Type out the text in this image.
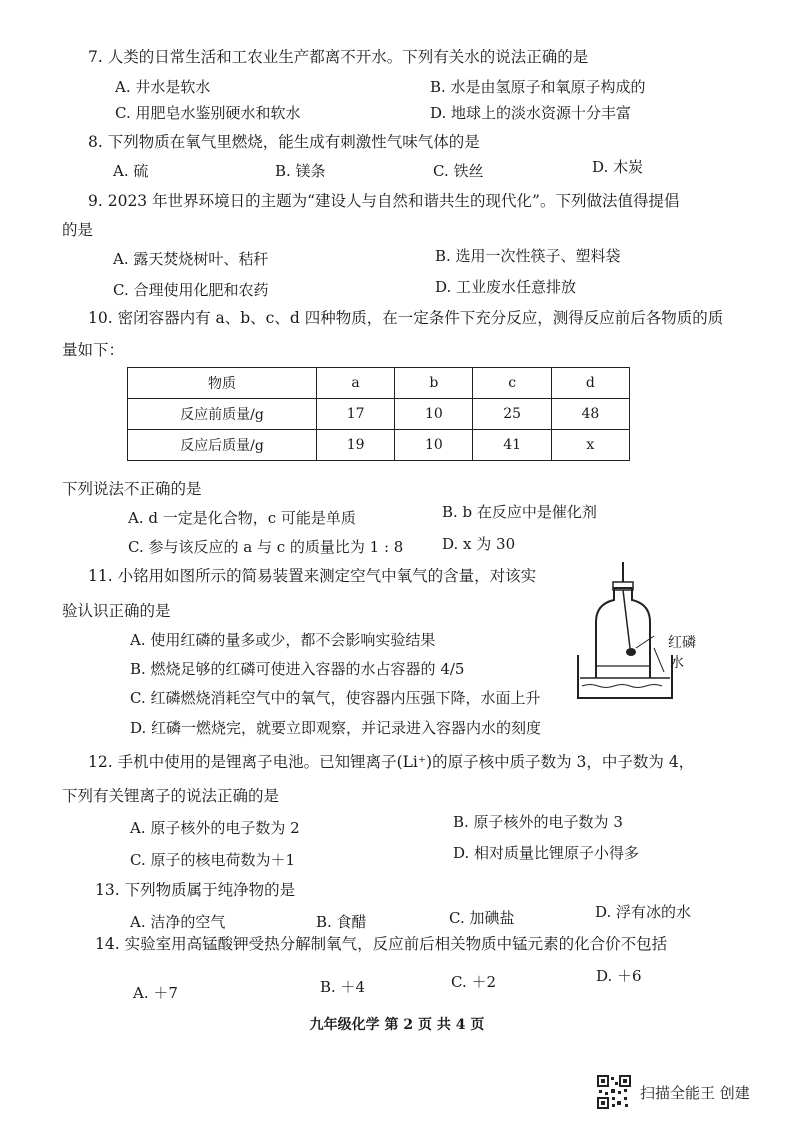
7. 人类的日常生活和工农业生产都离不开水。下列有关水的说法正确的是
A. 井水是软水	B. 水是由氢原子和氧原子构成的
C. 用肥皂水鉴别硬水和软水	D. 地球上的淡水资源十分丰富
8. 下列物质在氧气里燃烧，能生成有刺激性气味气体的是
A. 硫	B. 镁条	C. 铁丝	D. 木炭
9. 2023 年世界环境日的主题为“建设人与自然和谐共生的现代化”。下列做法值得提倡
的是
A. 露天焚烧树叶、秸秆	B. 选用一次性筷子、塑料袋
C. 合理使用化肥和农药	D. 工业废水任意排放
10. 密闭容器内有 a、b、c、d 四种物质，在一定条件下充分反应，测得反应前后各物质的质
量如下：
物质	a	b	c	d
反应前质量/g	17	10	25	48
反应后质量/g	19	10	41	x
下列说法不正确的是
A. d 一定是化合物，c 可能是单质	B. b 在反应中是催化剂
C. 参与该反应的 a 与 c 的质量比为 1 : 8	D. x 为 30
11. 小铭用如图所示的简易装置来测定空气中氧气的含量，对该实
验认识正确的是
A. 使用红磷的量多或少，都不会影响实验结果
B. 燃烧足够的红磷可使进入容器的水占容器的 4/5
C. 红磷燃烧消耗空气中的氧气，使容器内压强下降，水面上升
D. 红磷一燃烧完，就要立即观察，并记录进入容器内水的刻度
红磷
水
12. 手机中使用的是锂离子电池。已知锂离子(Li⁺)的原子核中质子数为 3，中子数为 4，
下列有关锂离子的说法正确的是
A. 原子核外的电子数为 2	B. 原子核外的电子数为 3
C. 原子的核电荷数为＋1	D. 相对质量比锂原子小得多
13. 下列物质属于纯净物的是
A. 洁净的空气	B. 食醋	C. 加碘盐	D. 浮有冰的水
14. 实验室用高锰酸钾受热分解制氧气，反应前后相关物质中锰元素的化合价不包括
A. ＋7	B. ＋4	C. ＋2	D. ＋6
九年级化学 第 2 页 共 4 页
扫描全能王 创建
